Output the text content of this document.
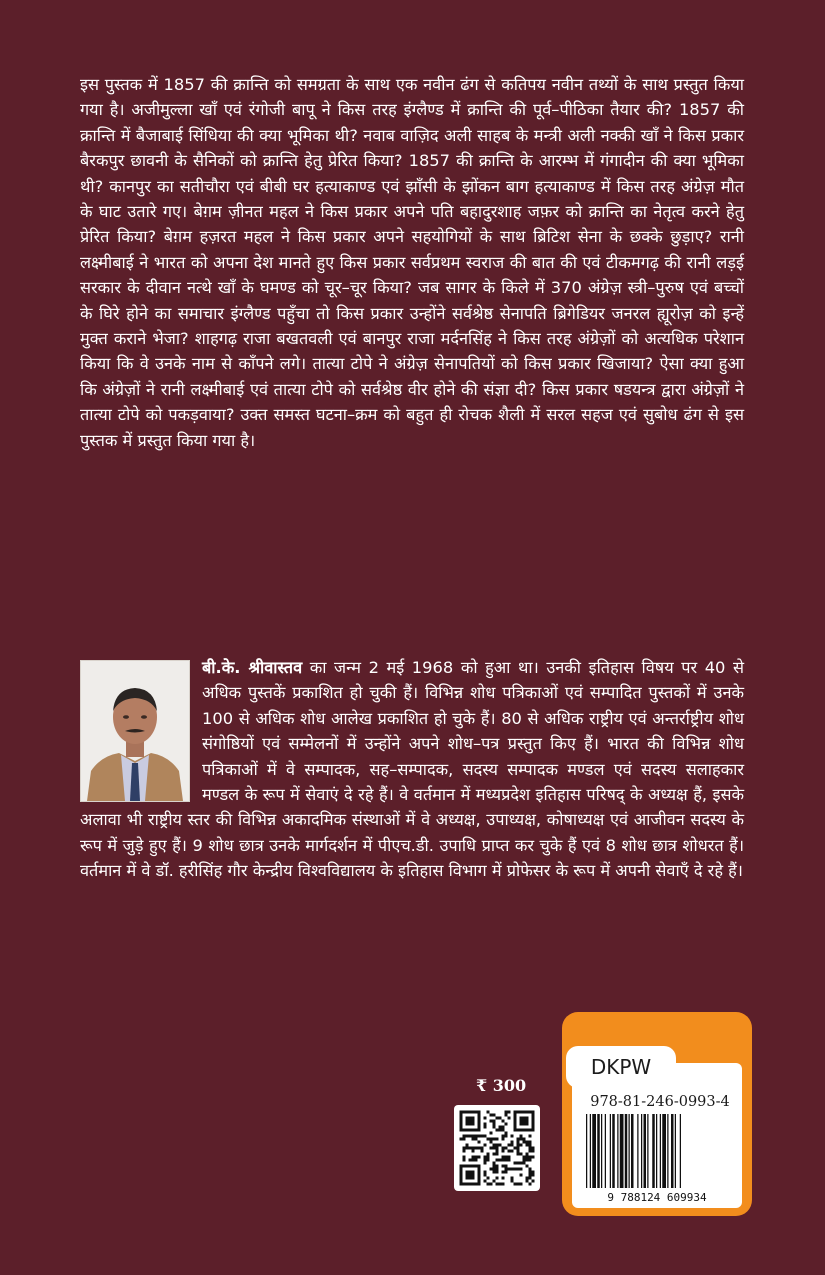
इस पुस्तक में 1857 की क्रान्ति को समग्रता के साथ एक नवीन ढंग से कतिपय नवीन तथ्यों के साथ प्रस्तुत किया गया है। अजीमुल्ला खाँ एवं रंगोजी बापू ने किस तरह इंग्लैण्ड में क्रान्ति की पूर्व–पीठिका तैयार की? 1857 की क्रान्ति में बैजाबाई सिंधिया की क्या भूमिका थी? नवाब वाज़िद अली साहब के मन्त्री अली नक्की खाँ ने किस प्रकार बैरकपुर छावनी के सैनिकों को क्रान्ति हेतु प्रेरित किया? 1857 की क्रान्ति के आरम्भ में गंगादीन की क्या भूमिका थी? कानपुर का सतीचौरा एवं बीबी घर हत्याकाण्ड एवं झाँसी के झोंकन बाग हत्याकाण्ड में किस तरह अंग्रेज़ मौत के घाट उतारे गए। बेग़म ज़ीनत महल ने किस प्रकार अपने पति बहादुरशाह जफ़र को क्रान्ति का नेतृत्व करने हेतु प्रेरित किया? बेग़म हज़रत महल ने किस प्रकार अपने सहयोगियों के साथ ब्रिटिश सेना के छक्के छुड़ाए? रानी लक्ष्मीबाई ने भारत को अपना देश मानते हुए किस प्रकार सर्वप्रथम स्वराज की बात की एवं टीकमगढ़ की रानी लड़ई सरकार के दीवान नत्थे खाँ के घमण्ड को चूर–चूर किया? जब सागर के किले में 370 अंग्रेज़ स्त्री–पुरुष एवं बच्चों के घिरे होने का समाचार इंग्लैण्ड पहुँचा तो किस प्रकार उन्होंने सर्वश्रेष्ठ सेनापति ब्रिगेडियर जनरल ह्यूरोज़ को इन्हें मुक्त कराने भेजा? शाहगढ़ राजा बखतवली एवं बानपुर राजा मर्दनसिंह ने किस तरह अंग्रेज़ों को अत्यधिक परेशान किया कि वे उनके नाम से काँपने लगे। तात्या टोपे ने अंग्रेज़ सेनापतियों को किस प्रकार खिजाया? ऐसा क्या हुआ कि अंग्रेज़ों ने रानी लक्ष्मीबाई एवं तात्या टोपे को सर्वश्रेष्ठ वीर होने की संज्ञा दी? किस प्रकार षडयन्त्र द्वारा अंग्रेज़ों ने तात्या टोपे को पकड़वाया? उक्त समस्त घटना–क्रम को बहुत ही रोचक शैली में सरल सहज एवं सुबोध ढंग से इस पुस्तक में प्रस्तुत किया गया है।

बी.के. श्रीवास्तव का जन्म 2 मई 1968 को हुआ था। उनकी इतिहास विषय पर 40 से अधिक पुस्तकें प्रकाशित हो चुकी हैं। विभिन्न शोध पत्रिकाओं एवं सम्पादित पुस्तकों में उनके 100 से अधिक शोध आलेख प्रकाशित हो चुके हैं। 80 से अधिक राष्ट्रीय एवं अन्तर्राष्ट्रीय शोध संगोष्ठियों एवं सम्मेलनों में उन्होंने अपने शोध–पत्र प्रस्तुत किए हैं। भारत की विभिन्न शोध पत्रिकाओं में वे सम्पादक, सह–सम्पादक, सदस्य सम्पादक मण्डल एवं सदस्य सलाहकार मण्डल के रूप में सेवाएं दे रहे हैं। वे वर्तमान में मध्यप्रदेश इतिहास परिषद् के अध्यक्ष हैं, इसके अलावा भी राष्ट्रीय स्तर की विभिन्न अकादमिक संस्थाओं में वे अध्यक्ष, उपाध्यक्ष, कोषाध्यक्ष एवं आजीवन सदस्य के रूप में जुड़े हुए हैं। 9 शोध छात्र उनके मार्गदर्शन में पीएच.डी. उपाधि प्राप्त कर चुके हैं एवं 8 शोध छात्र शोधरत हैं। वर्तमान में वे डॉ. हरीसिंह गौर केन्द्रीय विश्वविद्यालय के इतिहास विभाग में प्रोफेसर के रूप में अपनी सेवाएँ दे रहे हैं।

₹ 300
DKPW
978-81-246-0993-4
9 788124 609934
